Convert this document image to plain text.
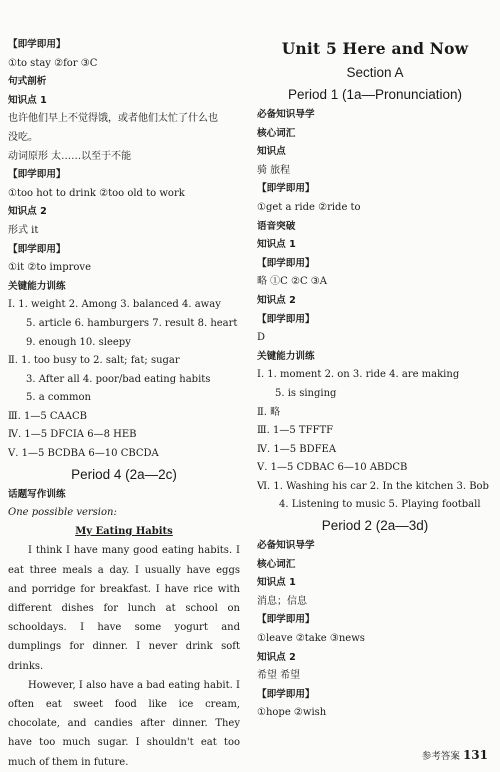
【即学即用】
①to stay ②for ③C
句式剖析
知识点 1
也许他们早上不觉得饿，或者他们太忙了什么也
没吃。
动词原形 太……以至于不能
【即学即用】
①too hot to drink ②too old to work
知识点 2
形式 it
【即学即用】
①it ②to improve
关键能力训练
Ⅰ. 1. weight 2. Among 3. balanced 4. away
5. article 6. hamburgers 7. result 8. heart
9. enough 10. sleepy
Ⅱ. 1. too busy to 2. salt; fat; sugar
3. After all 4. poor/bad eating habits
5. a common
Ⅲ. 1—5 CAACB
Ⅳ. 1—5 DFCIA 6—8 HEB
Ⅴ. 1—5 BCDBA 6—10 CBCDA
Period 4 (2a—2c)
话题写作训练
One possible version:
My Eating Habits

I think I have many good eating habits. I eat three meals a day. I usually have eggs and porridge for breakfast. I have rice with different dishes for lunch at school on schooldays. I have some yogurt and dumplings for dinner. I never drink soft drinks.

However, I also have a bad eating habit. I often eat sweet food like ice cream, chocolate, and candies after dinner. They have too much sugar. I shouldn't eat too much of them in future.

Unit 5 Here and Now
Section A
Period 1 (1a—Pronunciation)
必备知识导学
核心词汇
知识点
骑 旅程
【即学即用】
①get a ride ②ride to
语音突破
知识点 1
【即学即用】
略 ①C ②C ③A
知识点 2
【即学即用】
D
关键能力训练
Ⅰ. 1. moment 2. on 3. ride 4. are making
5. is singing
Ⅱ. 略
Ⅲ. 1—5 TFFTF
Ⅳ. 1—5 BDFEA
Ⅴ. 1—5 CDBAC 6—10 ABDCB
Ⅵ. 1. Washing his car 2. In the kitchen 3. Bob
4. Listening to music 5. Playing football
Period 2 (2a—3d)
必备知识导学
核心词汇
知识点 1
消息；信息
【即学即用】
①leave ②take ③news
知识点 2
希望 希望
【即学即用】
①hope ②wish
参考答案 131
